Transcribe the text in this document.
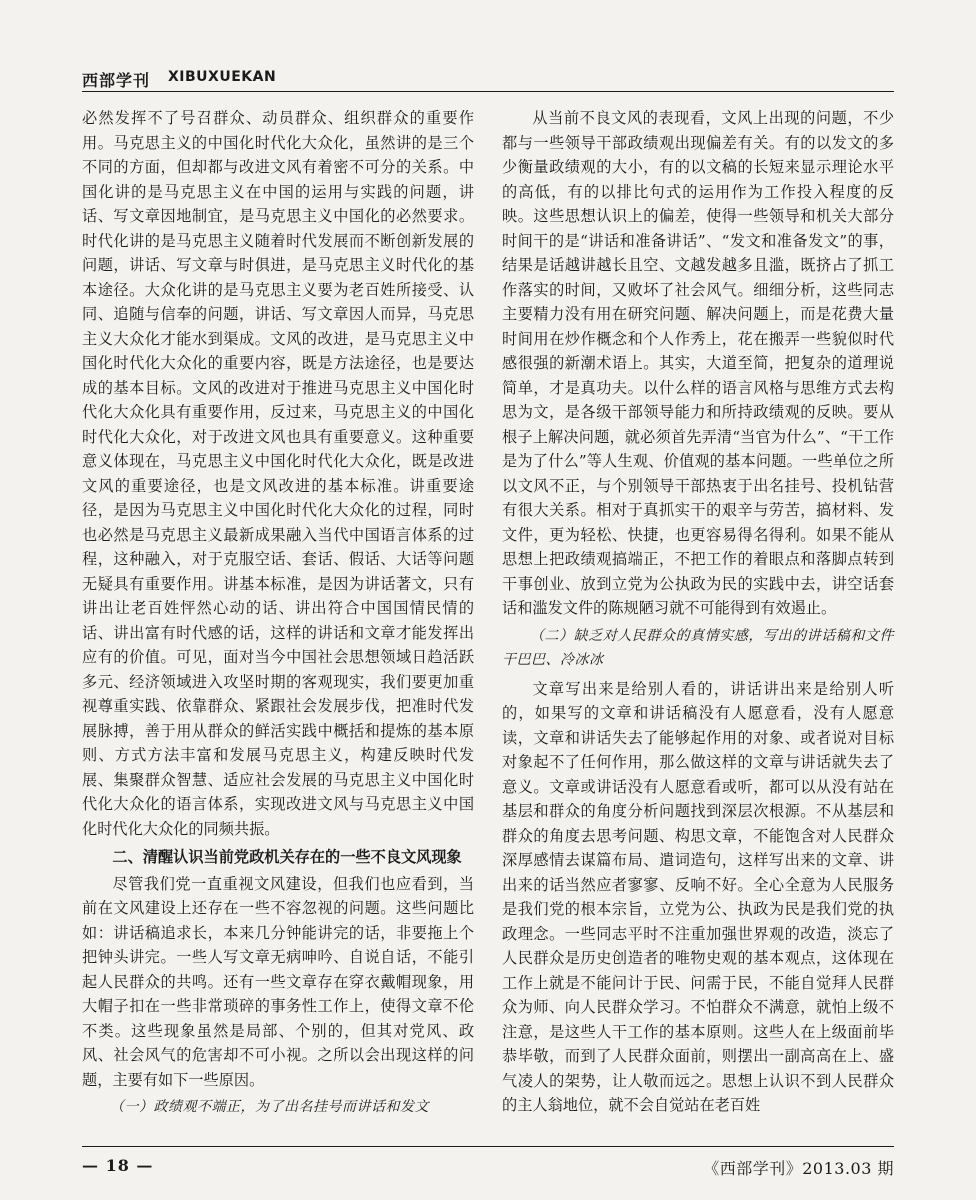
西部学刊 XIBUXUEKAN

必然发挥不了号召群众、动员群众、组织群众的重要作用。马克思主义的中国化时代化大众化，虽然讲的是三个不同的方面，但却都与改进文风有着密不可分的关系。中国化讲的是马克思主义在中国的运用与实践的问题，讲话、写文章因地制宜，是马克思主义中国化的必然要求。时代化讲的是马克思主义随着时代发展而不断创新发展的问题，讲话、写文章与时俱进，是马克思主义时代化的基本途径。大众化讲的是马克思主义要为老百姓所接受、认同、追随与信奉的问题，讲话、写文章因人而异，马克思主义大众化才能水到渠成。文风的改进，是马克思主义中国化时代化大众化的重要内容，既是方法途径，也是要达成的基本目标。文风的改进对于推进马克思主义中国化时代化大众化具有重要作用，反过来，马克思主义的中国化时代化大众化，对于改进文风也具有重要意义。这种重要意义体现在，马克思主义中国化时代化大众化，既是改进文风的重要途径，也是文风改进的基本标准。讲重要途径，是因为马克思主义中国化时代化大众化的过程，同时也必然是马克思主义最新成果融入当代中国语言体系的过程，这种融入，对于克服空话、套话、假话、大话等问题无疑具有重要作用。讲基本标准，是因为讲话著文，只有讲出让老百姓怦然心动的话、讲出符合中国国情民情的话、讲出富有时代感的话，这样的讲话和文章才能发挥出应有的价值。可见，面对当今中国社会思想领域日趋活跃多元、经济领域进入攻坚时期的客观现实，我们要更加重视尊重实践、依靠群众、紧跟社会发展步伐，把准时代发展脉搏，善于用从群众的鲜活实践中概括和提炼的基本原则、方式方法丰富和发展马克思主义，构建反映时代发展、集聚群众智慧、适应社会发展的马克思主义中国化时代化大众化的语言体系，实现改进文风与马克思主义中国化时代化大众化的同频共振。

二、清醒认识当前党政机关存在的一些不良文风现象

尽管我们党一直重视文风建设，但我们也应看到，当前在文风建设上还存在一些不容忽视的问题。这些问题比如：讲话稿追求长，本来几分钟能讲完的话，非要拖上个把钟头讲完。一些人写文章无病呻吟、自说自话，不能引起人民群众的共鸣。还有一些文章存在穿衣戴帽现象，用大帽子扣在一些非常琐碎的事务性工作上，使得文章不伦不类。这些现象虽然是局部、个别的，但其对党风、政风、社会风气的危害却不可小视。之所以会出现这样的问题，主要有如下一些原因。

（一）政绩观不端正，为了出名挂号而讲话和发文

从当前不良文风的表现看，文风上出现的问题，不少都与一些领导干部政绩观出现偏差有关。有的以发文的多少衡量政绩观的大小，有的以文稿的长短来显示理论水平的高低，有的以排比句式的运用作为工作投入程度的反映。这些思想认识上的偏差，使得一些领导和机关大部分时间干的是“讲话和准备讲话”、“发文和准备发文”的事，结果是话越讲越长且空、文越发越多且滥，既挤占了抓工作落实的时间，又败坏了社会风气。细细分析，这些同志主要精力没有用在研究问题、解决问题上，而是花费大量时间用在炒作概念和个人作秀上，花在搬弄一些貌似时代感很强的新潮术语上。其实，大道至简，把复杂的道理说简单，才是真功夫。以什么样的语言风格与思维方式去构思为文，是各级干部领导能力和所持政绩观的反映。要从根子上解决问题，就必须首先弄清“当官为什么”、“干工作是为了什么”等人生观、价值观的基本问题。一些单位之所以文风不正，与个别领导干部热衷于出名挂号、投机钻营有很大关系。相对于真抓实干的艰辛与劳苦，搞材料、发文件，更为轻松、快捷，也更容易得名得利。如果不能从思想上把政绩观搞端正，不把工作的着眼点和落脚点转到干事创业、放到立党为公执政为民的实践中去，讲空话套话和滥发文件的陈规陋习就不可能得到有效遏止。

（二）缺乏对人民群众的真情实感，写出的讲话稿和文件干巴巴、冷冰冰

文章写出来是给别人看的，讲话讲出来是给别人听的，如果写的文章和讲话稿没有人愿意看，没有人愿意读，文章和讲话失去了能够起作用的对象、或者说对目标对象起不了任何作用，那么做这样的文章与讲话就失去了意义。文章或讲话没有人愿意看或听，都可以从没有站在基层和群众的角度分析问题找到深层次根源。不从基层和群众的角度去思考问题、构思文章，不能饱含对人民群众深厚感情去谋篇布局、遣词造句，这样写出来的文章、讲出来的话当然应者寥寥、反响不好。全心全意为人民服务是我们党的根本宗旨，立党为公、执政为民是我们党的执政理念。一些同志平时不注重加强世界观的改造，淡忘了人民群众是历史创造者的唯物史观的基本观点，这体现在工作上就是不能问计于民、问需于民，不能自觉拜人民群众为师、向人民群众学习。不怕群众不满意，就怕上级不注意，是这些人干工作的基本原则。这些人在上级面前毕恭毕敬，而到了人民群众面前，则摆出一副高高在上、盛气凌人的架势，让人敬而远之。思想上认识不到人民群众的主人翁地位，就不会自觉站在老百姓

— 18 —	《西部学刊》2013.03 期
